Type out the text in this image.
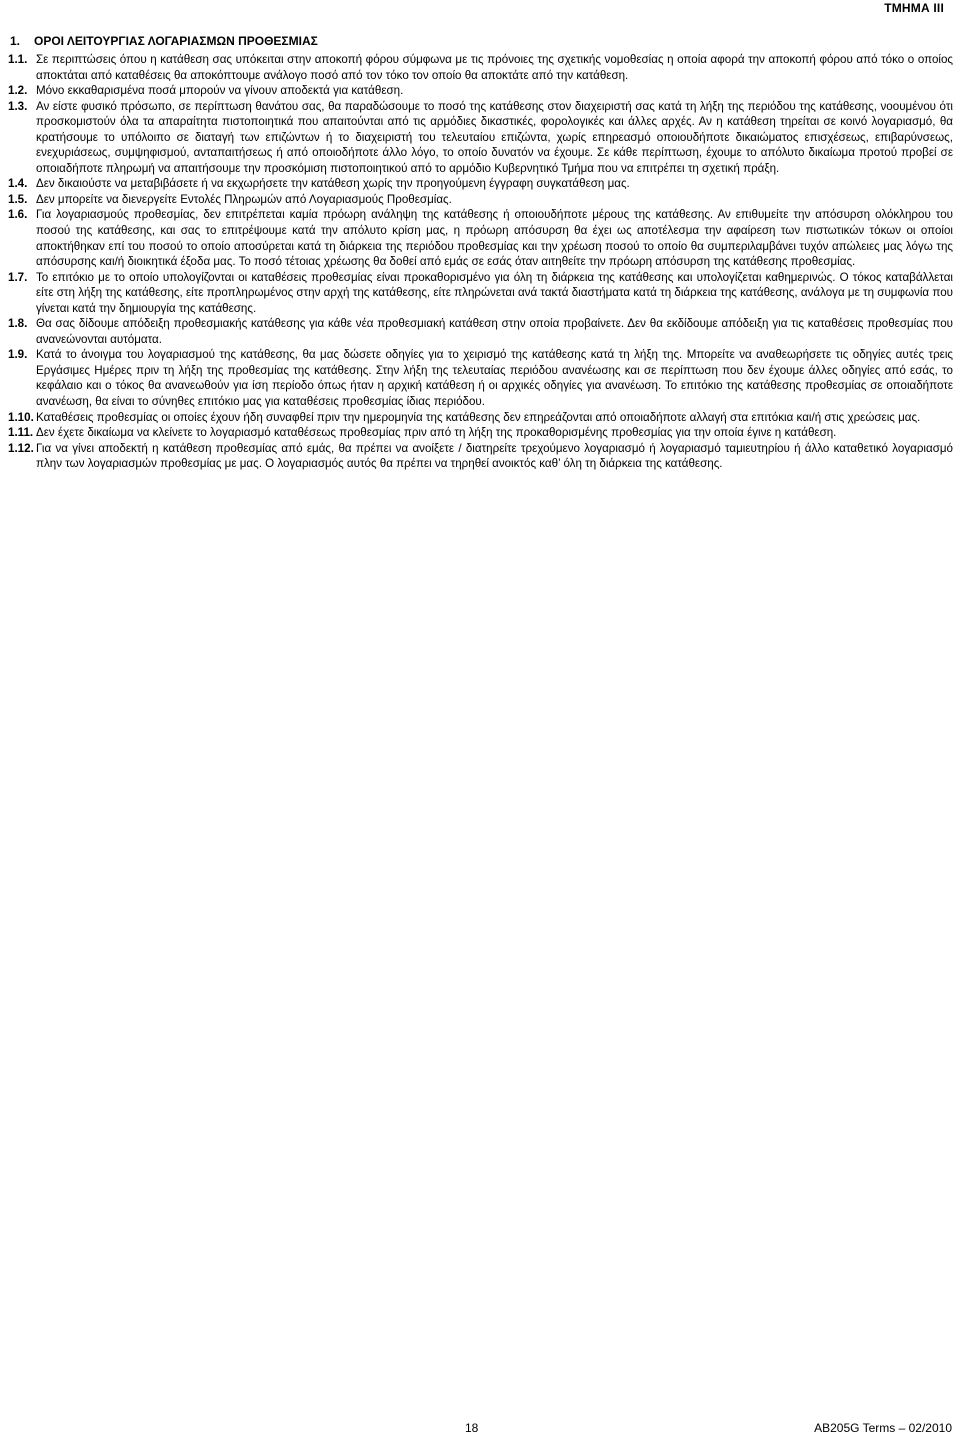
ΤΜΗΜΑ III
1. ΟΡΟΙ ΛΕΙΤΟΥΡΓΙΑΣ ΛΟΓΑΡΙΑΣΜΩΝ ΠΡΟΘΕΣΜΙΑΣ
1.1. Σε περιπτώσεις όπου η κατάθεση σας υπόκειται στην αποκοπή φόρου σύμφωνα με τις πρόνοιες της σχετικής νομοθεσίας η οποία αφορά την αποκοπή φόρου από τόκο ο οποίος αποκτάται από καταθέσεις θα αποκόπτουμε ανάλογο ποσό από τον τόκο τον οποίο θα αποκτάτε από την κατάθεση.
1.2. Μόνο εκκαθαρισμένα ποσά μπορούν να γίνουν αποδεκτά για κατάθεση.
1.3. Αν είστε φυσικό πρόσωπο, σε περίπτωση θανάτου σας, θα παραδώσουμε το ποσό της κατάθεσης στον διαχειριστή σας κατά τη λήξη της περιόδου της κατάθεσης, νοουμένου ότι προσκομιστούν όλα τα απαραίτητα πιστοποιητικά που απαιτούνται από τις αρμόδιες δικαστικές, φορολογικές και άλλες αρχές. Αν η κατάθεση τηρείται σε κοινό λογαριασμό, θα κρατήσουμε το υπόλοιπο σε διαταγή των επιζώντων ή το διαχειριστή του τελευταίου επιζώντα, χωρίς επηρεασμό οποιουδήποτε δικαιώματος επισχέσεως, επιβαρύνσεως, ενεχυριάσεως, συμψηφισμού, ανταπαιτήσεως ή από οποιοδήποτε άλλο λόγο, το οποίο δυνατόν να έχουμε. Σε κάθε περίπτωση, έχουμε το απόλυτο δικαίωμα προτού προβεί σε οποιαδήποτε πληρωμή να απαιτήσουμε την προσκόμιση πιστοποιητικού από το αρμόδιο Κυβερνητικό Τμήμα που να επιτρέπει τη σχετική πράξη.
1.4. Δεν δικαιούστε να μεταβιβάσετε ή να εκχωρήσετε την κατάθεση χωρίς την προηγούμενη έγγραφη συγκατάθεση μας.
1.5. Δεν μπορείτε να διενεργείτε Εντολές Πληρωμών από Λογαριασμούς Προθεσμίας.
1.6. Για λογαριασμούς προθεσμίας, δεν επιτρέπεται καμία πρόωρη ανάληψη της κατάθεσης ή οποιουδήποτε μέρους της κατάθεσης. Αν επιθυμείτε την απόσυρση ολόκληρου του ποσού της κατάθεσης, και σας το επιτρέψουμε κατά την απόλυτο κρίση μας, η πρόωρη απόσυρση θα έχει ως αποτέλεσμα την αφαίρεση των πιστωτικών τόκων οι οποίοι αποκτήθηκαν επί του ποσού το οποίο αποσύρεται κατά τη διάρκεια της περιόδου προθεσμίας και την χρέωση ποσού το οποίο θα συμπεριλαμβάνει τυχόν απώλειες μας λόγω της απόσυρσης και/ή διοικητικά έξοδα μας. Το ποσό τέτοιας χρέωσης θα δοθεί από εμάς σε εσάς όταν αιτηθείτε την πρόωρη απόσυρση της κατάθεσης προθεσμίας.
1.7. Το επιτόκιο με το οποίο υπολογίζονται οι καταθέσεις προθεσμίας είναι προκαθορισμένο για όλη τη διάρκεια της κατάθεσης και υπολογίζεται καθημερινώς. Ο τόκος καταβάλλεται είτε στη λήξη της κατάθεσης, είτε προπληρωμένος στην αρχή της κατάθεσης, είτε πληρώνεται ανά τακτά διαστήματα κατά τη διάρκεια της κατάθεσης, ανάλογα με τη συμφωνία που γίνεται κατά την δημιουργία της κατάθεσης.
1.8. Θα σας δίδουμε απόδειξη προθεσμιακής κατάθεσης για κάθε νέα προθεσμιακή κατάθεση στην οποία προβαίνετε. Δεν θα εκδίδουμε απόδειξη για τις καταθέσεις προθεσμίας που ανανεώνονται αυτόματα.
1.9. Κατά το άνοιγμα του λογαριασμού της κατάθεσης, θα μας δώσετε οδηγίες για το χειρισμό της κατάθεσης κατά τη λήξη της. Μπορείτε να αναθεωρήσετε τις οδηγίες αυτές τρεις Εργάσιμες Ημέρες πριν τη λήξη της προθεσμίας της κατάθεσης. Στην λήξη της τελευταίας περιόδου ανανέωσης και σε περίπτωση που δεν έχουμε άλλες οδηγίες από εσάς, το κεφάλαιο και ο τόκος θα ανανεωθούν για ίση περίοδο όπως ήταν η αρχική κατάθεση ή οι αρχικές οδηγίες για ανανέωση. Το επιτόκιο της κατάθεσης προθεσμίας σε οποιαδήποτε ανανέωση, θα είναι το σύνηθες επιτόκιο μας για καταθέσεις προθεσμίας ίδιας περιόδου.
1.10. Καταθέσεις προθεσμίας οι οποίες έχουν ήδη συναφθεί πριν την ημερομηνία της κατάθεσης δεν επηρεάζονται από οποιαδήποτε αλλαγή στα επιτόκια και/ή στις χρεώσεις μας.
1.11. Δεν έχετε δικαίωμα να κλείνετε το λογαριασμό καταθέσεως προθεσμίας πριν από τη λήξη της προκαθορισμένης προθεσμίας για την οποία έγινε η κατάθεση.
1.12. Για να γίνει αποδεκτή η κατάθεση προθεσμίας από εμάς, θα πρέπει να ανοίξετε / διατηρείτε τρεχούμενο λογαριασμό ή λογαριασμό ταμιευτηρίου ή άλλο καταθετικό λογαριασμό πλην των λογαριασμών προθεσμίας με μας. Ο λογαριασμός αυτός θα πρέπει να τηρηθεί ανοικτός καθ’ όλη τη διάρκεια της κατάθεσης.
18	AB205G Terms – 02/2010
